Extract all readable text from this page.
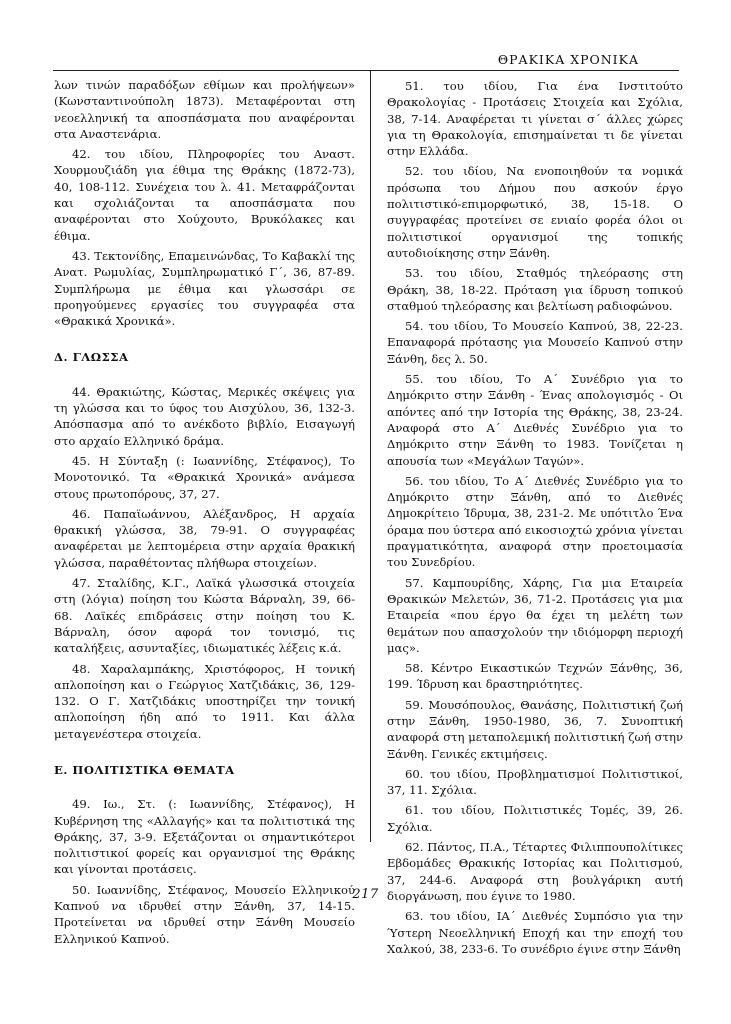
ΘΡΑΚΙΚΑ ΧΡΟΝΙΚΑ

λων τινών παραδόξων εθίμων και προλήψεων» (Κωνσταντινούπολη 1873). Μεταφέρονται στη νεοελληνική τα αποσπάσματα που αναφέρονται στα Αναστενάρια.

42. του ιδίου, Πληροφορίες του Αναστ. Χουρμουζιάδη για έθιμα της Θράκης (1872-73), 40, 108-112. Συνέχεια του λ. 41. Μεταφράζονται και σχολιάζονται τα αποσπάσματα που αναφέρονται στο Χούχουτο, Βρυκόλακες και έθιμα.

43. Τεκτονίδης, Επαμεινώνδας, Το Καβακλί της Ανατ. Ρωμυλίας, Συμπληρωματικό Γ΄, 36, 87-89. Συμπλήρωμα με έθιμα και γλωσσάρι σε προηγούμενες εργασίες του συγγραφέα στα «Θρακικά Χρονικά».

Δ. ΓΛΩΣΣΑ

44. Θρακιώτης, Κώστας, Μερικές σκέψεις για τη γλώσσα και το ύφος του Αισχύλου, 36, 132-3. Απόσπασμα από το ανέκδοτο βιβλίο, Εισαγωγή στο αρχαίο Ελληνικό δράμα.

45. Η Σύνταξη (: Ιωαννίδης, Στέφανος), Το Μονοτονικό. Τα «Θρακικά Χρονικά» ανάμεσα στους πρωτοπόρους, 37, 27.

46. Παπαϊωάννου, Αλέξανδρος, Η αρχαία θρακική γλώσσα, 38, 79-91. Ο συγγραφέας αναφέρεται με λεπτομέρεια στην αρχαία θρακική γλώσσα, παραθέτοντας πλήθωρα στοιχείων.

47. Σταλίδης, Κ.Γ., Λαϊκά γλωσσικά στοιχεία στη (λόγια) ποίηση του Κώστα Βάρναλη, 39, 66-68. Λαϊκές επιδράσεις στην ποίηση του Κ. Βάρναλη, όσον αφορά τον τονισμό, τις καταλήξεις, ασυνταξίες, ιδιωματικές λέξεις κ.ά.

48. Χαραλαμπάκης, Χριστόφορος, Η τονική απλοποίηση και ο Γεώργιος Χατζιδάκις, 36, 129-132. Ο Γ. Χατζιδάκις υποστηρίζει την τονική απλοποίηση ήδη από το 1911. Και άλλα μεταγενέστερα στοιχεία.

Ε. ΠΟΛΙΤΙΣΤΙΚΑ ΘΕΜΑΤΑ

49. Ιω., Στ. (: Ιωαννίδης, Στέφανος), Η Κυβέρνηση της «Αλλαγής» και τα πολιτιστικά της Θράκης, 37, 3-9. Εξετάζονται οι σημαντικότεροι πολιτιστικοί φορείς και οργανισμοί της Θράκης και γίνονται προτάσεις.

50. Ιωαννίδης, Στέφανος, Μουσείο Ελληνικού Καπνού να ιδρυθεί στην Ξάνθη, 37, 14-15. Προτείνεται να ιδρυθεί στην Ξάνθη Μουσείο Ελληνικού Καπνού.

51. του ιδίου, Για ένα Ινστιτούτο Θρακολογίας - Προτάσεις Στοιχεία και Σχόλια, 38, 7-14. Αναφέρεται τι γίνεται σ΄ άλλες χώρες για τη Θρακολογία, επισημαίνεται τι δε γίνεται στην Ελλάδα.

52. του ιδίου, Να ενοποιηθούν τα νομικά πρόσωπα του Δήμου που ασκούν έργο πολιτιστικό-επιμορφωτικό, 38, 15-18. Ο συγγραφέας προτείνει σε ενιαίο φορέα όλοι οι πολιτιστικοί οργανισμοί της τοπικής αυτοδιοίκησης στην Ξάνθη.

53. του ιδίου, Σταθμός τηλεόρασης στη Θράκη, 38, 18-22. Πρόταση για ίδρυση τοπικού σταθμού τηλεόρασης και βελτίωση ραδιοφώνου.

54. του ιδίου, Το Μουσείο Καπνού, 38, 22-23. Επαναφορά πρότασης για Μουσείο Καπνού στην Ξάνθη, δες λ. 50.

55. του ιδίου, Το Α΄ Συνέδριο για το Δημόκριτο στην Ξάνθη - Ένας απολογισμός - Οι απόντες από την Ιστορία της Θράκης, 38, 23-24. Αναφορά στο Α΄ Διεθνές Συνέδριο για το Δημόκριτο στην Ξάνθη το 1983. Τονίζεται η απουσία των «Μεγάλων Ταγών».

56. του ιδίου, Το Α΄ Διεθνές Συνέδριο για το Δημόκριτο στην Ξάνθη, από το Διεθνές Δημοκρίτειο Ίδρυμα, 38, 231-2. Με υπότιτλο Ένα όραμα που ύστερα από εικοσιοχτώ χρόνια γίνεται πραγματικότητα, αναφορά στην προετοιμασία του Συνεδρίου.

57. Καμπουρίδης, Χάρης, Για μια Εταιρεία Θρακικών Μελετών, 36, 71-2. Προτάσεις για μια Εταιρεία «που έργο θα έχει τη μελέτη των θεμάτων που απασχολούν την ιδιόμορφη περιοχή μας».

58. Κέντρο Εικαστικών Τεχνών Ξάνθης, 36, 199. Ίδρυση και δραστηριότητες.

59. Μουσόπουλος, Θανάσης, Πολιτιστική ζωή στην Ξάνθη, 1950-1980, 36, 7. Συνοπτική αναφορά στη μεταπολεμική πολιτιστική ζωή στην Ξάνθη. Γενικές εκτιμήσεις.

60. του ιδίου, Προβληματισμοί Πολιτιστικοί, 37, 11. Σχόλια.

61. του ιδίου, Πολιτιστικές Τομές, 39, 26. Σχόλια.

62. Πάντος, Π.Α., Τέταρτες Φιλιππουπολίτικες Εβδομάδες Θρακικής Ιστορίας και Πολιτισμού, 37, 244-6. Αναφορά στη βουλγάρικη αυτή διοργάνωση, που έγινε το 1980.

63. του ιδίου, ΙΑ΄ Διεθνές Συμπόσιο για την Ύστερη Νεοελληνική Εποχή και την εποχή του Χαλκού, 38, 233-6. Το συνέδριο έγινε στην Ξάνθη

217
